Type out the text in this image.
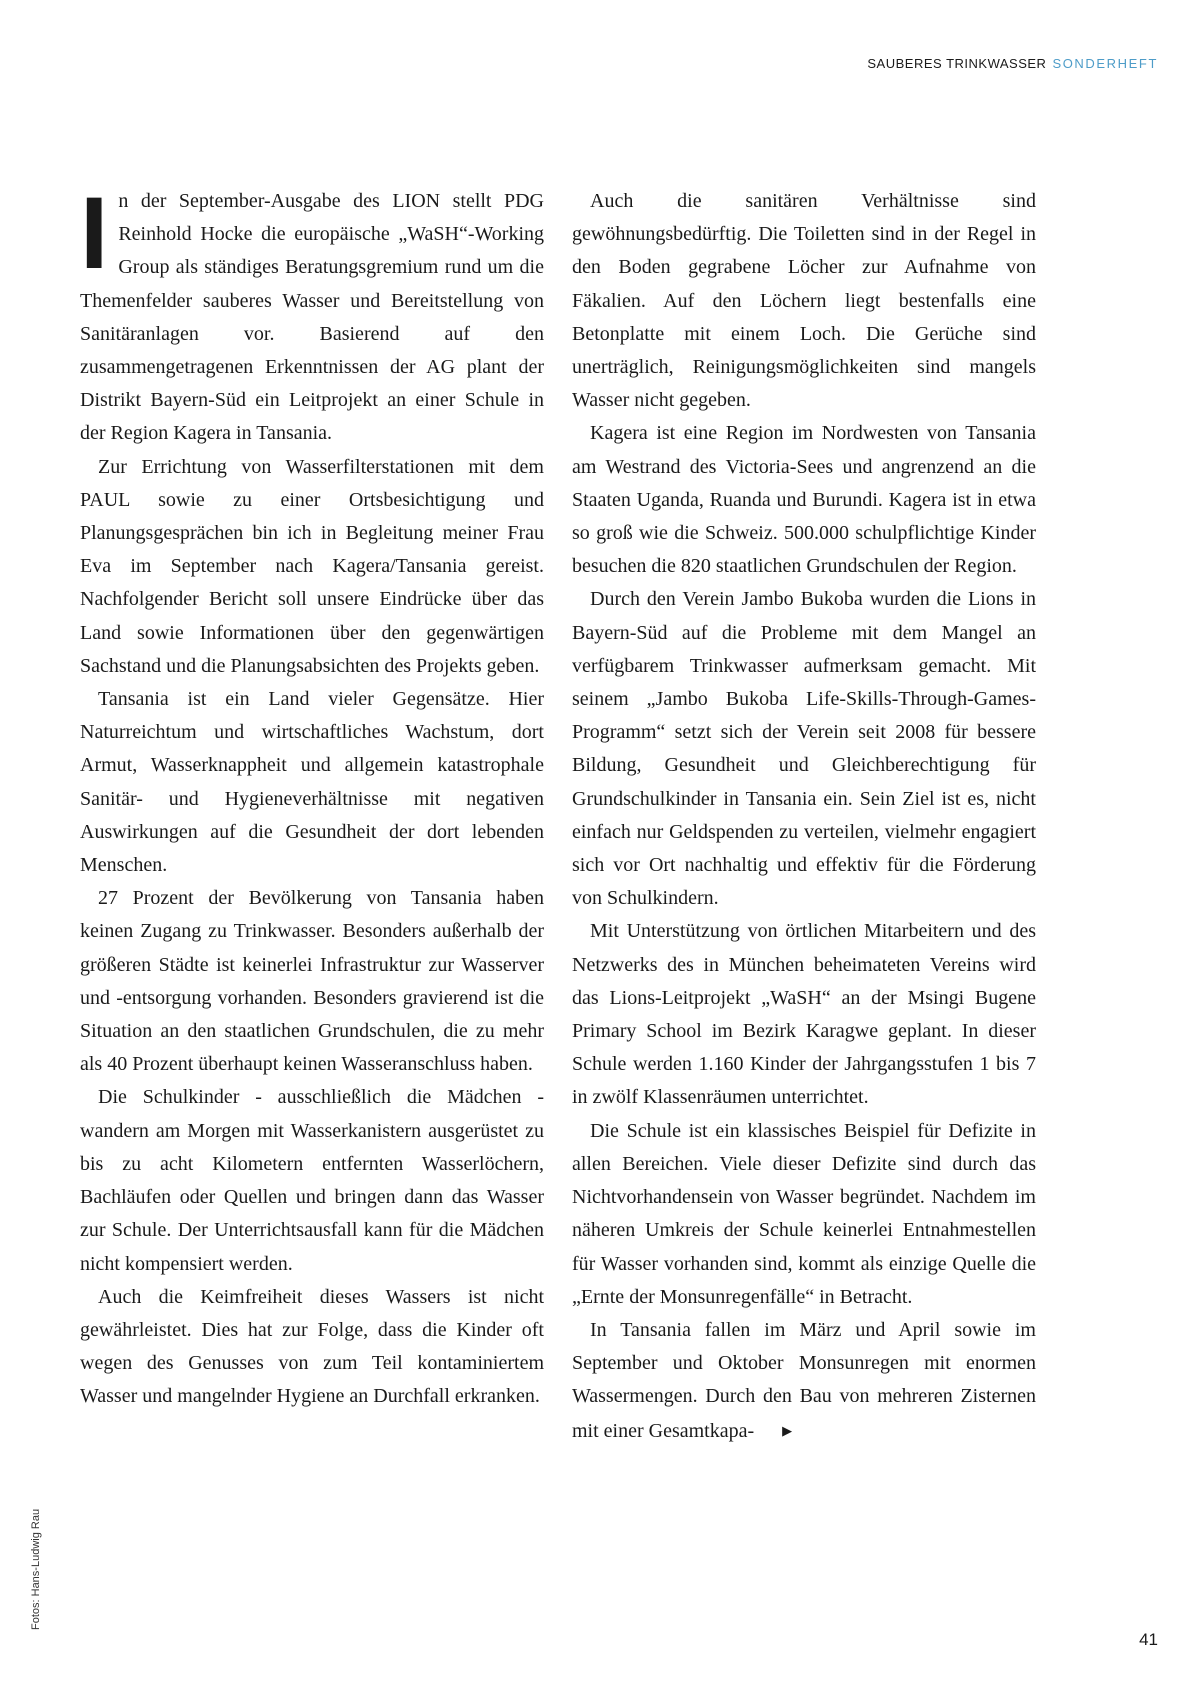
SAUBERES TRINKWASSER SONDERHEFT

In der September-Ausgabe des LION stellt PDG Reinhold Hocke die europäische „WaSH“-Working Group als ständiges Beratungsgremium rund um die Themenfelder sauberes Wasser und Bereitstellung von Sanitäranlagen vor. Basierend auf den zusammengetragenen Erkenntnissen der AG plant der Distrikt Bayern-Süd ein Leitprojekt an einer Schule in der Region Kagera in Tansania.

Zur Errichtung von Wasserfilterstationen mit dem PAUL sowie zu einer Ortsbesichtigung und Planungsgesprächen bin ich in Begleitung meiner Frau Eva im September nach Kagera/Tansania gereist. Nachfolgender Bericht soll unsere Eindrücke über das Land sowie Informationen über den gegenwärtigen Sachstand und die Planungsabsichten des Projekts geben.

Tansania ist ein Land vieler Gegensätze. Hier Naturreichtum und wirtschaftliches Wachstum, dort Armut, Wasserknappheit und allgemein katastrophale Sanitär- und Hygieneverhältnisse mit negativen Auswirkungen auf die Gesundheit der dort lebenden Menschen.

27 Prozent der Bevölkerung von Tansania haben keinen Zugang zu Trinkwasser. Besonders außerhalb der größeren Städte ist keinerlei Infrastruktur zur Wasserver und -entsorgung vorhanden. Besonders gravierend ist die Situation an den staatlichen Grundschulen, die zu mehr als 40 Prozent überhaupt keinen Wasseranschluss haben.

Die Schulkinder - ausschließlich die Mädchen - wandern am Morgen mit Wasserkanistern ausgerüstet zu bis zu acht Kilometern entfernten Wasserlöchern, Bachläufen oder Quellen und bringen dann das Wasser zur Schule. Der Unterrichtsausfall kann für die Mädchen nicht kompensiert werden.

Auch die Keimfreiheit dieses Wassers ist nicht gewährleistet. Dies hat zur Folge, dass die Kinder oft wegen des Genusses von zum Teil kontaminiertem Wasser und mangelnder Hygiene an Durchfall erkranken.

Auch die sanitären Verhältnisse sind gewöhnungsbedürftig. Die Toiletten sind in der Regel in den Boden gegrabene Löcher zur Aufnahme von Fäkalien. Auf den Löchern liegt bestenfalls eine Betonplatte mit einem Loch. Die Gerüche sind unerträglich, Reinigungsmöglichkeiten sind mangels Wasser nicht gegeben.

Kagera ist eine Region im Nordwesten von Tansania am Westrand des Victoria-Sees und angrenzend an die Staaten Uganda, Ruanda und Burundi. Kagera ist in etwa so groß wie die Schweiz. 500.000 schulpflichtige Kinder besuchen die 820 staatlichen Grundschulen der Region.

Durch den Verein Jambo Bukoba wurden die Lions in Bayern-Süd auf die Probleme mit dem Mangel an verfügbarem Trinkwasser aufmerksam gemacht. Mit seinem „Jambo Bukoba Life-Skills-Through-Games-Programm“ setzt sich der Verein seit 2008 für bessere Bildung, Gesundheit und Gleichberechtigung für Grundschulkinder in Tansania ein. Sein Ziel ist es, nicht einfach nur Geldspenden zu verteilen, vielmehr engagiert sich vor Ort nachhaltig und effektiv für die Förderung von Schulkindern.

Mit Unterstützung von örtlichen Mitarbeitern und des Netzwerks des in München beheimateten Vereins wird das Lions-Leitprojekt „WaSH“ an der Msingi Bugene Primary School im Bezirk Karagwe geplant. In dieser Schule werden 1.160 Kinder der Jahrgangsstufen 1 bis 7 in zwölf Klassenräumen unterrichtet.

Die Schule ist ein klassisches Beispiel für Defizite in allen Bereichen. Viele dieser Defizite sind durch das Nichtvorhandensein von Wasser begründet. Nachdem im näheren Umkreis der Schule keinerlei Entnahmestellen für Wasser vorhanden sind, kommt als einzige Quelle die „Ernte der Monsunregenfälle“ in Betracht.

In Tansania fallen im März und April sowie im September und Oktober Monsunregen mit enormen Wassermengen. Durch den Bau von mehreren Zisternen mit einer Gesamtkapa- ▶

Fotos: Hans-Ludwig Rau
41
